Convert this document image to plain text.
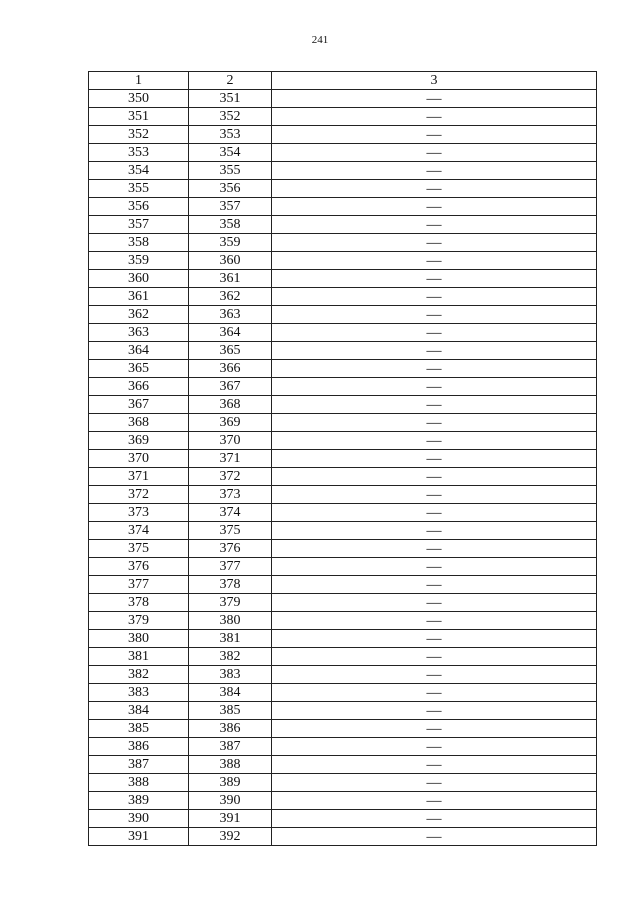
241
1	2	3
350	351	—
351	352	—
352	353	—
353	354	—
354	355	—
355	356	—
356	357	—
357	358	—
358	359	—
359	360	—
360	361	—
361	362	—
362	363	—
363	364	—
364	365	—
365	366	—
366	367	—
367	368	—
368	369	—
369	370	—
370	371	—
371	372	—
372	373	—
373	374	—
374	375	—
375	376	—
376	377	—
377	378	—
378	379	—
379	380	—
380	381	—
381	382	—
382	383	—
383	384	—
384	385	—
385	386	—
386	387	—
387	388	—
388	389	—
389	390	—
390	391	—
391	392	—
